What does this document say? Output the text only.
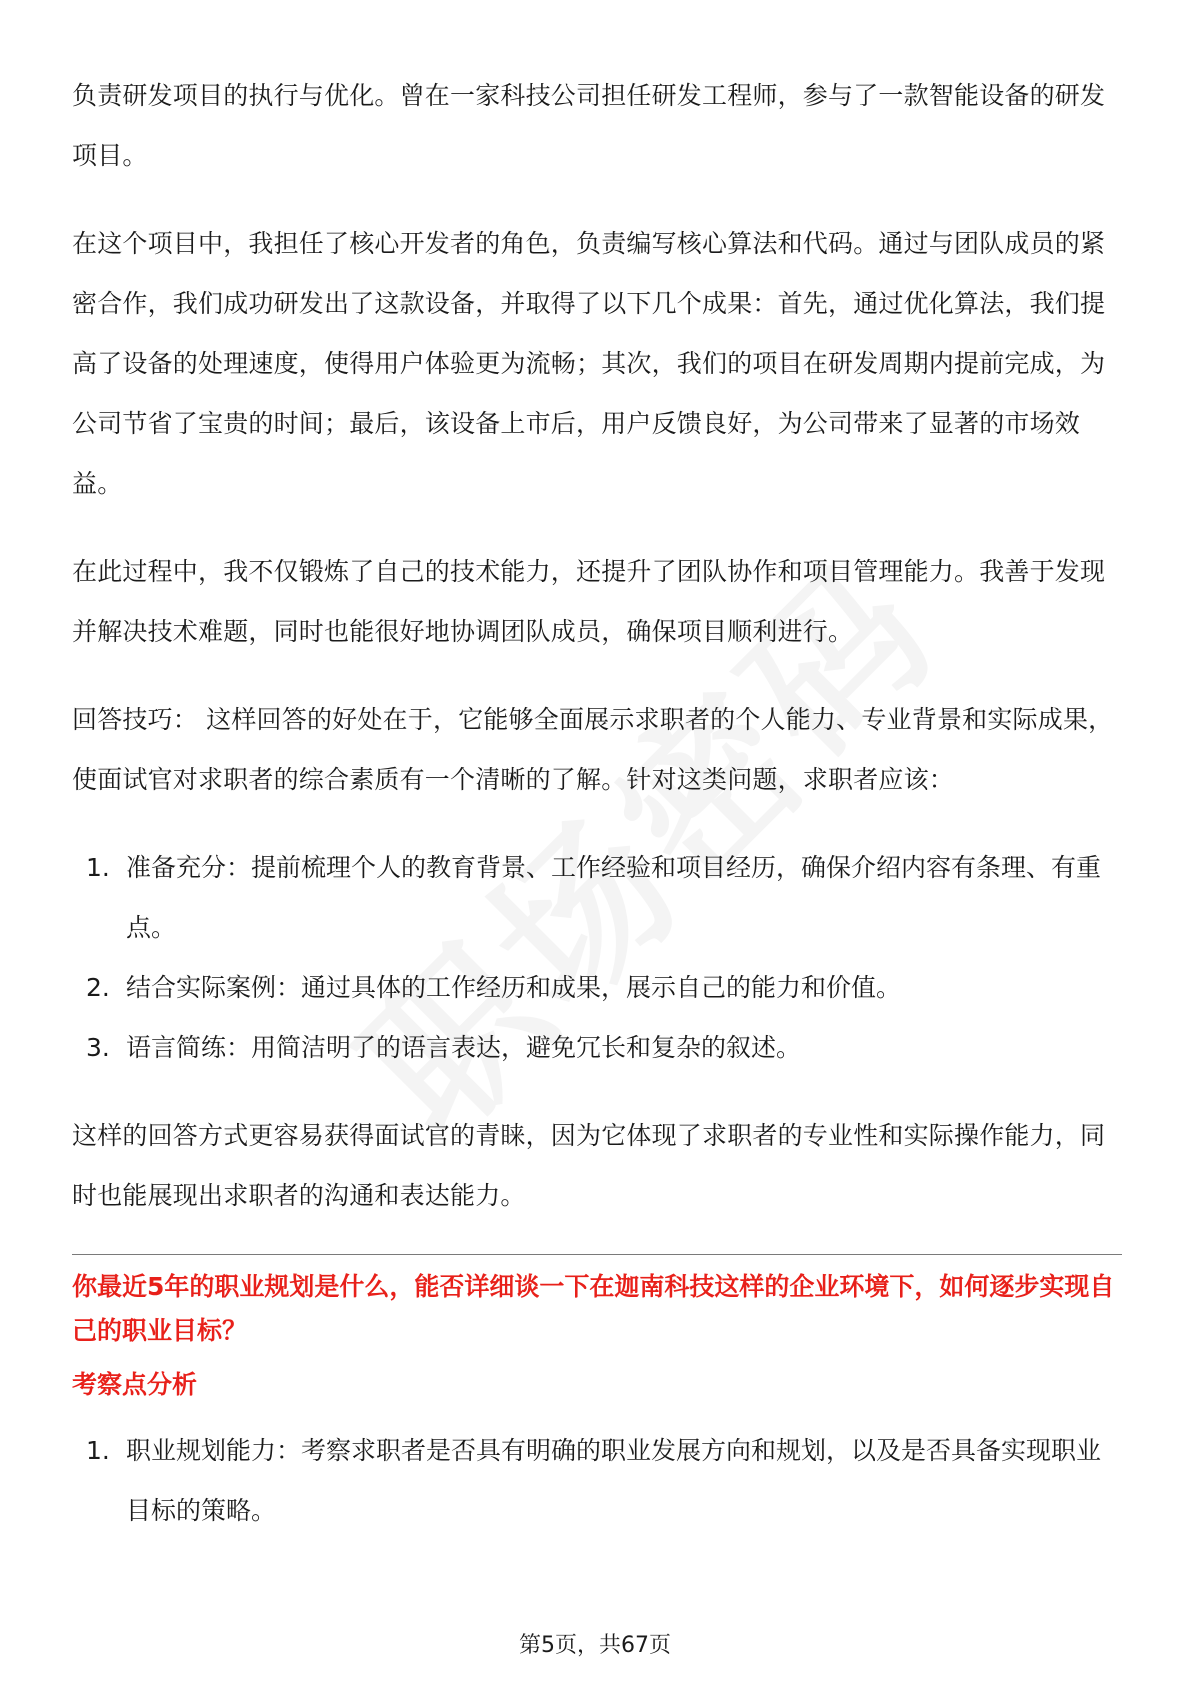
负责研发项目的执行与优化。曾在一家科技公司担任研发工程师，参与了一款智能设备的研发项目。

在这个项目中，我担任了核心开发者的角色，负责编写核心算法和代码。通过与团队成员的紧密合作，我们成功研发出了这款设备，并取得了以下几个成果：首先，通过优化算法，我们提高了设备的处理速度，使得用户体验更为流畅；其次，我们的项目在研发周期内提前完成，为公司节省了宝贵的时间；最后，该设备上市后，用户反馈良好，为公司带来了显著的市场效益。

在此过程中，我不仅锻炼了自己的技术能力，还提升了团队协作和项目管理能力。我善于发现并解决技术难题，同时也能很好地协调团队成员，确保项目顺利进行。

回答技巧： 这样回答的好处在于，它能够全面展示求职者的个人能力、专业背景和实际成果，使面试官对求职者的综合素质有一个清晰的了解。针对这类问题，求职者应该：

1. 准备充分：提前梳理个人的教育背景、工作经验和项目经历，确保介绍内容有条理、有重点。
2. 结合实际案例：通过具体的工作经历和成果，展示自己的能力和价值。
3. 语言简练：用简洁明了的语言表达，避免冗长和复杂的叙述。

这样的回答方式更容易获得面试官的青睐，因为它体现了求职者的专业性和实际操作能力，同时也能展现出求职者的沟通和表达能力。

你最近5年的职业规划是什么，能否详细谈一下在迦南科技这样的企业环境下，如何逐步实现自己的职业目标？
考察点分析
1. 职业规划能力：考察求职者是否具有明确的职业发展方向和规划，以及是否具备实现职业目标的策略。
第5页，共67页
